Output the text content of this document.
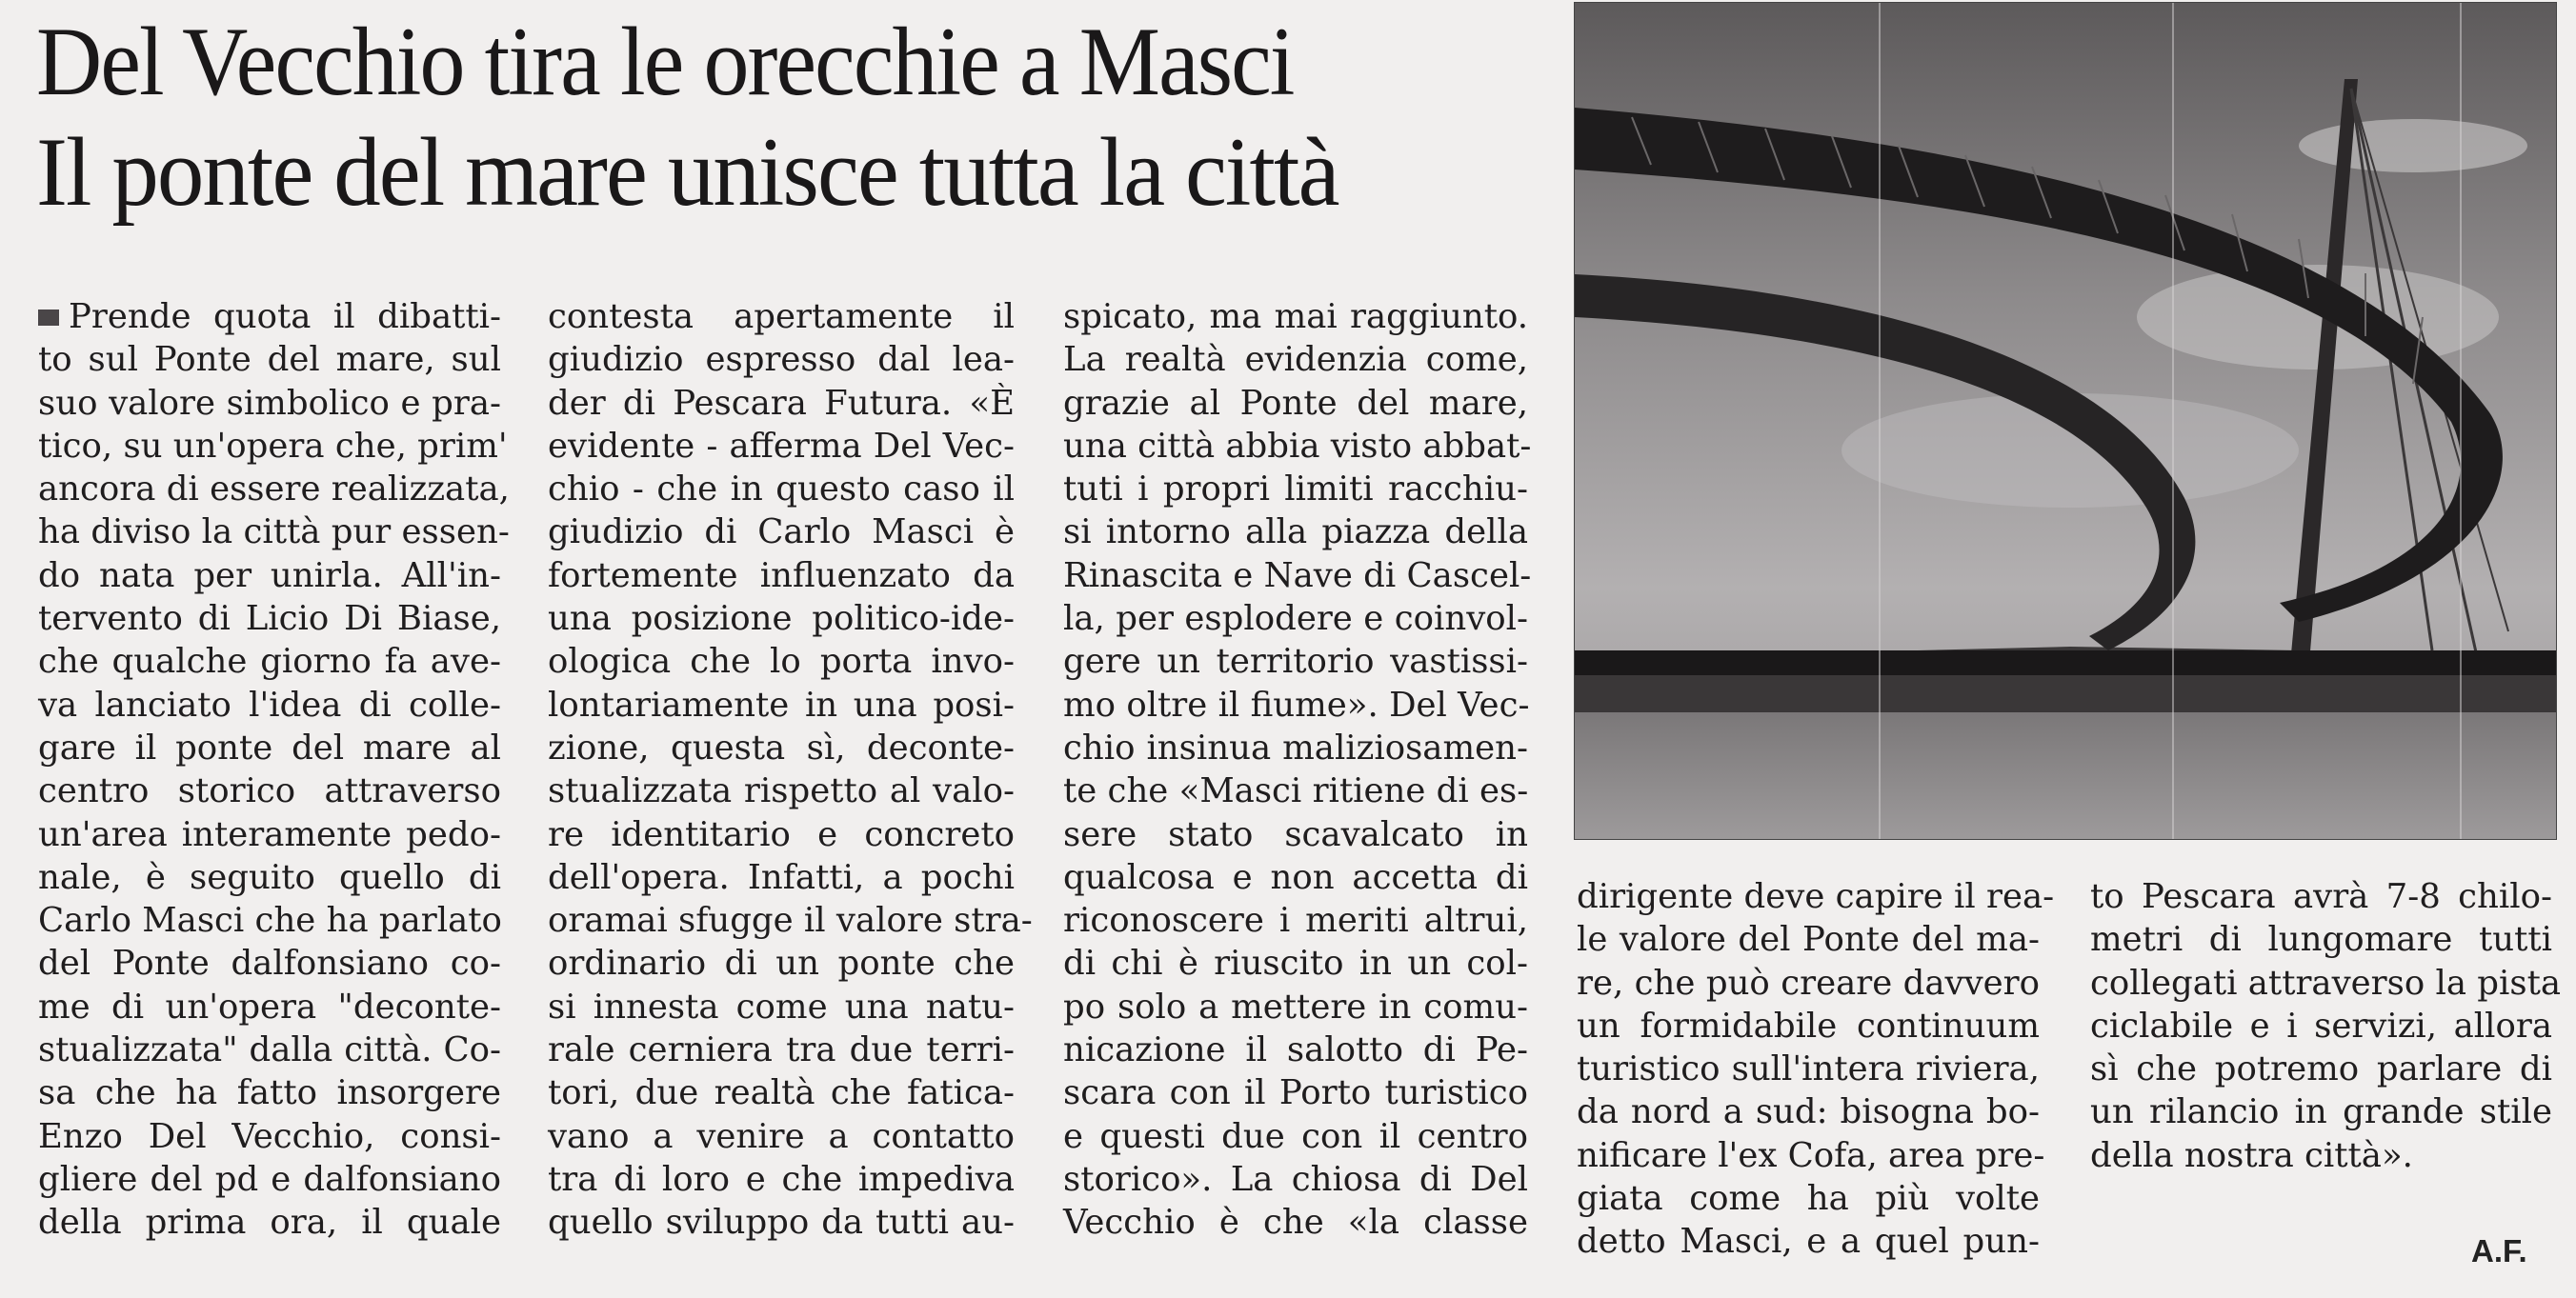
Del Vecchio tira le orecchie a Masci
Il ponte del mare unisce tutta la città
Prende quota il dibatti-
to sul Ponte del mare, sul
suo valore simbolico e pra-
tico, su un'opera che, prim'
ancora di essere realizzata,
ha diviso la città pur essen-
do nata per unirla. All'in-
tervento di Licio Di Biase,
che qualche giorno fa ave-
va lanciato l'idea di colle-
gare il ponte del mare al
centro storico attraverso
un'area interamente pedo-
nale, è seguito quello di
Carlo Masci che ha parlato
del Ponte dalfonsiano co-
me di un'opera "deconte-
stualizzata" dalla città. Co-
sa che ha fatto insorgere
Enzo Del Vecchio, consi-
gliere del pd e dalfonsiano
della prima ora, il quale
contesta apertamente il
giudizio espresso dal lea-
der di Pescara Futura. «È
evidente - afferma Del Vec-
chio - che in questo caso il
giudizio di Carlo Masci è
fortemente influenzato da
una posizione politico-ide-
ologica che lo porta invo-
lontariamente in una posi-
zione, questa sì, deconte-
stualizzata rispetto al valo-
re identitario e concreto
dell'opera. Infatti, a pochi
oramai sfugge il valore stra-
ordinario di un ponte che
si innesta come una natu-
rale cerniera tra due terri-
tori, due realtà che fatica-
vano a venire a contatto
tra di loro e che impediva
quello sviluppo da tutti au-
spicato, ma mai raggiunto.
La realtà evidenzia come,
grazie al Ponte del mare,
una città abbia visto abbat-
tuti i propri limiti racchiu-
si intorno alla piazza della
Rinascita e Nave di Cascel-
la, per esplodere e coinvol-
gere un territorio vastissi-
mo oltre il fiume». Del Vec-
chio insinua maliziosamen-
te che «Masci ritiene di es-
sere stato scavalcato in
qualcosa e non accetta di
riconoscere i meriti altrui,
di chi è riuscito in un col-
po solo a mettere in comu-
nicazione il salotto di Pe-
scara con il Porto turistico
e questi due con il centro
storico». La chiosa di Del
Vecchio è che «la classe
dirigente deve capire il rea-
le valore del Ponte del ma-
re, che può creare davvero
un formidabile continuum
turistico sull'intera riviera,
da nord a sud: bisogna bo-
nificare l'ex Cofa, area pre-
giata come ha più volte
detto Masci, e a quel pun-
to Pescara avrà 7-8 chilo-
metri di lungomare tutti
collegati attraverso la pista
ciclabile e i servizi, allora
sì che potremo parlare di
un rilancio in grande stile
della nostra città».
A.F.
